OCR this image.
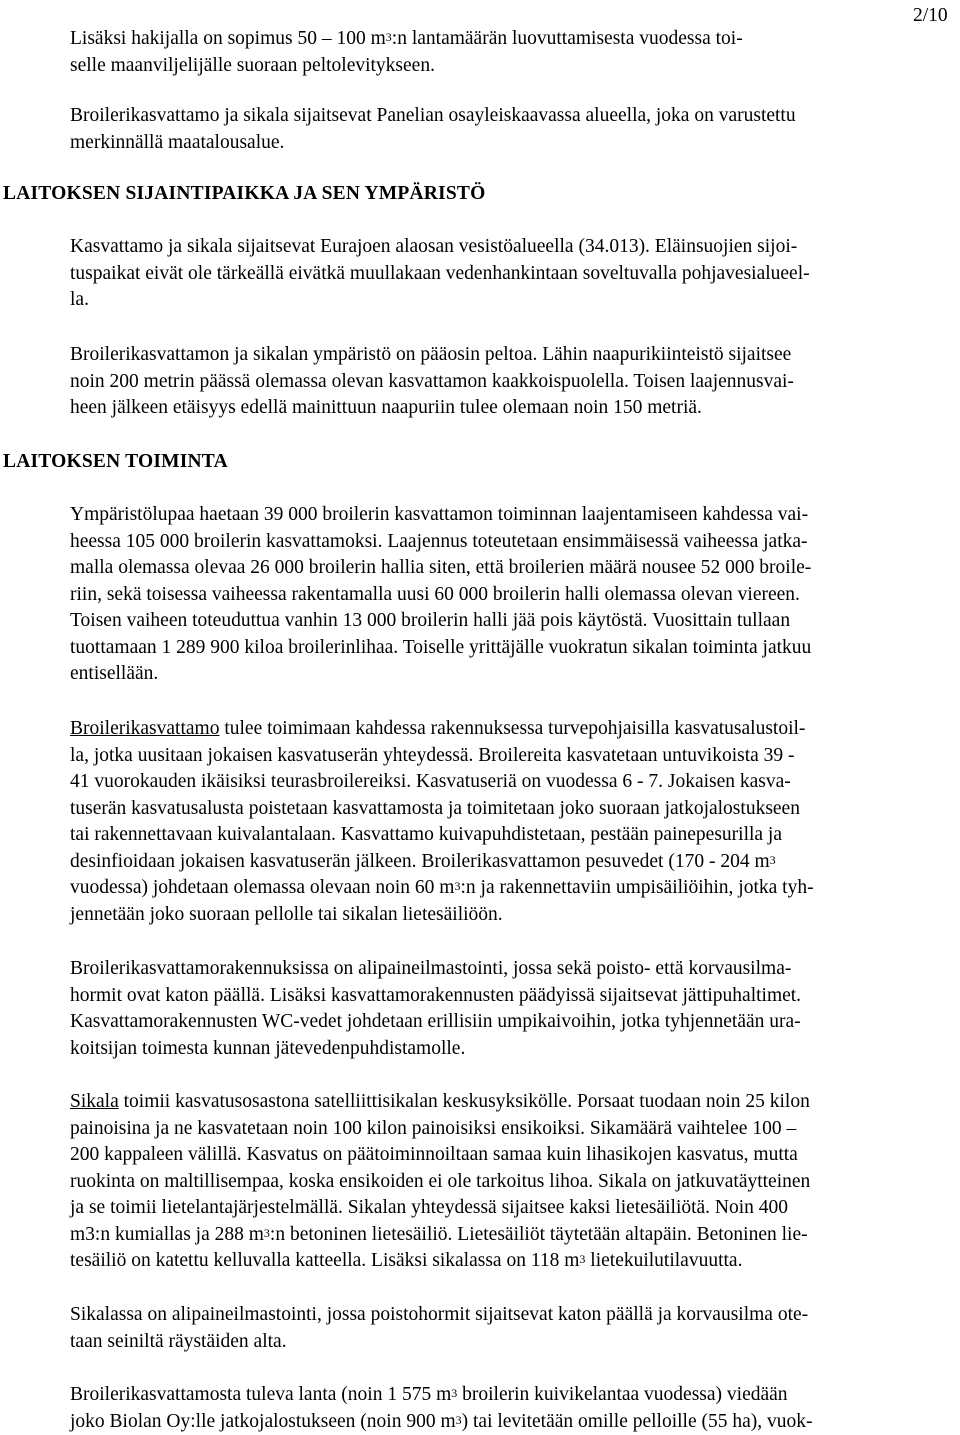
2/10
Lisäksi hakijalla on sopimus 50 – 100 $m^3:n$ lantamäärän luovuttamisesta vuodessa toi-
selle maanviljelijälle suoraan peltolevitykseen.
Broilerikasvattamo ja sikala sijaitsevat Panelian osayleiskaavassa alueella, joka on varustettu
merkinnällä maatalousalue.
LAITOKSEN SIJAINTIPAIKKA JA SEN YMPÄRISTÖ
Kasvattamo ja sikala sijaitsevat Eurajoen alaosan vesistöalueella (34.013). Eläinsuojien sijoi-
tuspaikat eivät ole tärkeällä eivätkä muullakaan vedenhankintaan soveltuvalla pohjavesialueel-
la.
Broilerikasvattamon ja sikalan ympäristö on pääosin peltoa. Lähin naapurikiinteistö sijaitsee
noin 200 metrin päässä olemassa olevan kasvattamon kaakkoispuolella. Toisen laajennusvai-
heen jälkeen etäisyys edellä mainittuun naapuriin tulee olemaan noin 150 metriä.
LAITOKSEN TOIMINTA
Ympäristölupaa haetaan 39 000 broilerin kasvattamon toiminnan laajentamiseen kahdessa vai-
heessa 105 000 broilerin kasvattamoksi. Laajennus toteutetaan ensimmäisessä vaiheessa jatka-
malla olemassa olevaa 26 000 broilerin hallia siten, että broilerien määrä nousee 52 000 broile-
riin, sekä toisessa vaiheessa rakentamalla uusi 60 000 broilerin halli olemassa olevan viereen.
Toisen vaiheen toteuduttua vanhin 13 000 broilerin halli jää pois käytöstä. Vuosittain tullaan
tuottamaan 1 289 900 kiloa broilerinlihaa. Toiselle yrittäjälle vuokratun sikalan toiminta jatkuu
entisellään.
Broilerikasvattamo tulee toimimaan kahdessa rakennuksessa turvepohjaisilla kasvatusalustoil-
la, jotka uusitaan jokaisen kasvatuserän yhteydessä. Broilereita kasvatetaan untuvikoista 39 -
41 vuorokauden ikäisiksi teurasbroilereiksi. Kasvatuseriä on vuodessa 6 - 7. Jokaisen kasva-
tuserän kasvatusalusta poistetaan kasvattamosta ja toimitetaan joko suoraan jatkojalostukseen
tai rakennettavaan kuivalantalaan. Kasvattamo kuivapuhdistetaan, pestään painepesurilla ja
desinfioidaan jokaisen kasvatuserän jälkeen. Broilerikasvattamon pesuvedet (170 - 204 $m^3$
vuodessa) johdetaan olemassa olevaan noin 60 $m^3:n$ ja rakennettaviin umpisäiliöihin, jotka tyh-
jennetään joko suoraan pellolle tai sikalan lietesäiliöön.
Broilerikasvattamorakennuksissa on alipaineilmastointi, jossa sekä poisto- että korvausilma-
hormit ovat katon päällä. Lisäksi kasvattamorakennusten päädyissä sijaitsevat jättipuhaltimet.
Kasvattamorakennusten WC-vedet johdetaan erillisiin umpikaivoihin, jotka tyhjennetään ura-
koitsijan toimesta kunnan jätevedenpuhdistamolle.
Sikala toimii kasvatusosastona satelliittisikalan keskusyksikölle. Porsaat tuodaan noin 25 kilon
painoisina ja ne kasvatetaan noin 100 kilon painoisiksi ensikoiksi. Sikamäärä vaihtelee 100 –
200 kappaleen välillä. Kasvatus on päätoiminnoiltaan samaa kuin lihasikojen kasvatus, mutta
ruokinta on maltillisempaa, koska ensikoiden ei ole tarkoitus lihoa. Sikala on jatkuvatäytteinen
ja se toimii lietelantajärjestelmällä. Sikalan yhteydessä sijaitsee kaksi lietesäiliötä. Noin 400
m3:n kumiallas ja 288 $m^3:n$ betoninen lietesäiliö. Lietesäiliöt täytetään altapäin. Betoninen lie-
tesäiliö on katettu kelluvalla katteella. Lisäksi sikalassa on 118 $m^3$ lietekuilutilavuutta.
Sikalassa on alipaineilmastointi, jossa poistohormit sijaitsevat katon päällä ja korvausilma ote-
taan seiniltä räystäiden alta.
Broilerikasvattamosta tuleva lanta (noin 1 575 $m^3$ broilerin kuivikelantaa vuodessa) viedään
joko Biolan Oy:lle jatkojalostukseen (noin 900 $m^3$) tai levitetään omille pelloille (55 ha), vuok-
